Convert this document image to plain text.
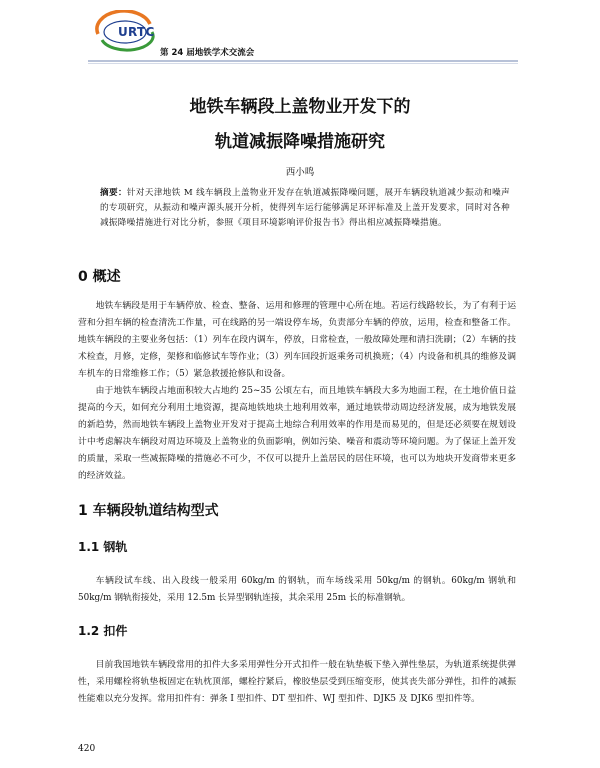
URTC
第 24 届地铁学术交流会
地铁车辆段上盖物业开发下的
轨道减振降噪措施研究
西小鸣
摘要：针对天津地铁 M 线车辆段上盖物业开发存在轨道减振降噪问题，展开车辆段轨道减少振动和噪声的专项研究，从振动和噪声源头展开分析，使得列车运行能够满足环评标准及上盖开发要求，同时对各种减振降噪措施进行对比分析，参照《项目环境影响评价报告书》得出相应减振降噪措施。
0 概述
地铁车辆段是用于车辆停放、检查、整备、运用和修理的管理中心所在地。若运行线路较长，为了有利于运营和分担车辆的检查清洗工作量，可在线路的另一端设停车场，负责部分车辆的停放，运用，检查和整备工作。地铁车辆段的主要业务包括：（1）列车在段内调车，停放，日常检查，一般故障处理和清扫洗刷；（2）车辆的技术检查，月修，定修，架修和临修试车等作业；（3）列车回段折返乘务司机换班；（4）内设备和机具的维修及调车机车的日常维修工作；（5）紧急救援抢修队和设备。
由于地铁车辆段占地面积较大占地约 25~35 公顷左右，而且地铁车辆段大多为地面工程，在土地价值日益提高的今天，如何充分利用土地资源，提高地铁地块土地利用效率，通过地铁带动周边经济发展，成为地铁发展的新趋势，然而地铁车辆段上盖物业开发对于提高土地综合利用效率的作用是而易见的，但是还必须要在规划设计中考虑解决车辆段对周边环境及上盖物业的负面影响，例如污染、噪音和震动等环境问题。为了保证上盖开发的质量，采取一些减振降噪的措施必不可少，不仅可以提升上盖居民的居住环境，也可以为地块开发商带来更多的经济效益。
1 车辆段轨道结构型式
1.1 钢轨
车辆段试车线、出入段线一般采用 60kg/m 的钢轨，而车场线采用 50kg/m 的钢轨。60kg/m 钢轨和 50kg/m 钢轨衔接处，采用 12.5m 长异型钢轨连接，其余采用 25m 长的标准钢轨。
1.2 扣件
目前我国地铁车辆段常用的扣件大多采用弹性分开式扣件一般在轨垫板下垫入弹性垫层，为轨道系统提供弹性，采用螺栓将轨垫板固定在轨枕顶部，螺栓拧紧后，橡胶垫层受到压缩变形，使其丧失部分弹性，扣件的减振性能难以充分发挥。常用扣件有：弹条 I 型扣件、DT 型扣件、WJ 型扣件、DJK5 及 DJK6 型扣件等。
420
